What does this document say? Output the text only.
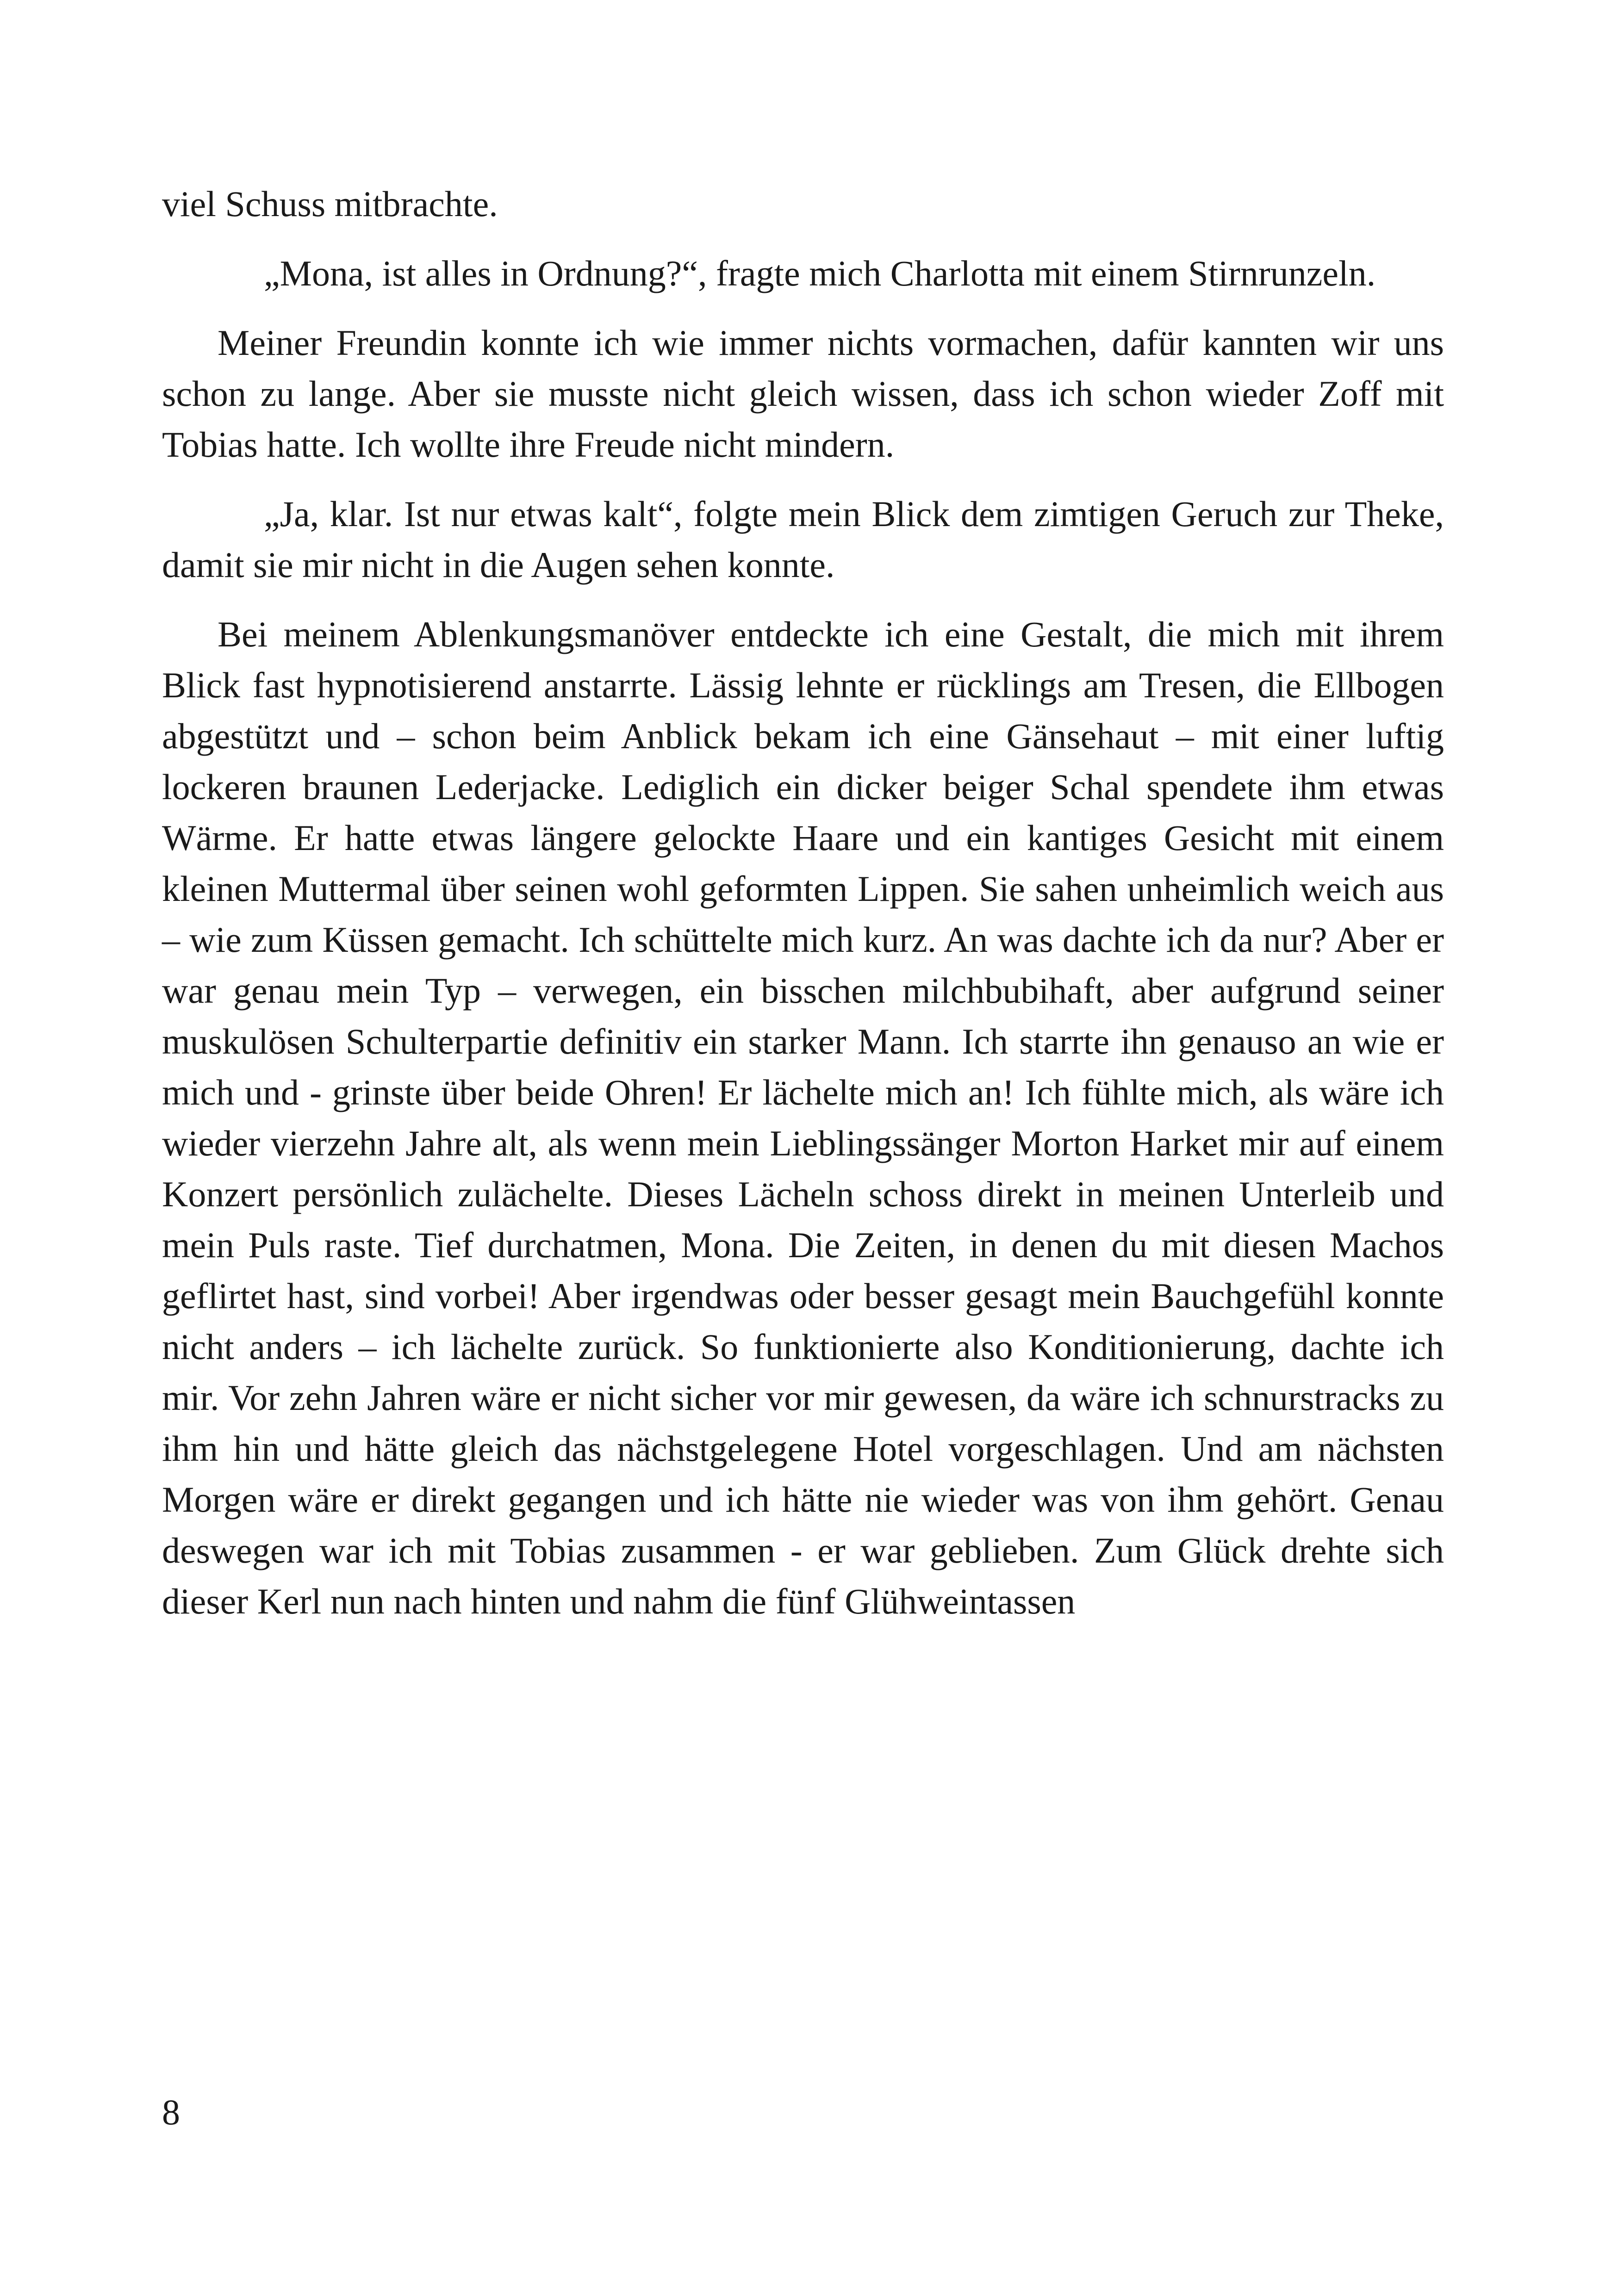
viel Schuss mitbrachte.

„Mona, ist alles in Ordnung?“, fragte mich Charlotta mit einem Stirnrunzeln.

Meiner Freundin konnte ich wie immer nichts vormachen, dafür kannten wir uns schon zu lange. Aber sie musste nicht gleich wissen, dass ich schon wieder Zoff mit Tobias hatte. Ich wollte ihre Freude nicht mindern.

„Ja, klar. Ist nur etwas kalt“, folgte mein Blick dem zimtigen Geruch zur Theke, damit sie mir nicht in die Augen sehen konnte.

Bei meinem Ablenkungsmanöver entdeckte ich eine Gestalt, die mich mit ihrem Blick fast hypnotisierend anstarrte. Lässig lehnte er rücklings am Tresen, die Ellbogen abgestützt und – schon beim Anblick bekam ich eine Gänsehaut – mit einer luftig lockeren braunen Lederjacke. Lediglich ein dicker beiger Schal spendete ihm etwas Wärme. Er hatte etwas längere gelockte Haare und ein kantiges Gesicht mit einem kleinen Muttermal über seinen wohl geformten Lippen. Sie sahen unheimlich weich aus – wie zum Küssen gemacht. Ich schüttelte mich kurz. An was dachte ich da nur? Aber er war genau mein Typ – verwegen, ein bisschen milchbubihaft, aber aufgrund seiner muskulösen Schulterpartie definitiv ein starker Mann. Ich starrte ihn genauso an wie er mich und - grinste über beide Ohren! Er lächelte mich an! Ich fühlte mich, als wäre ich wieder vierzehn Jahre alt, als wenn mein Lieblingssänger Morton Harket mir auf einem Konzert persönlich zulächelte. Dieses Lächeln schoss direkt in meinen Unterleib und mein Puls raste. Tief durchatmen, Mona. Die Zeiten, in denen du mit diesen Machos geflirtet hast, sind vorbei! Aber irgendwas oder besser gesagt mein Bauchgefühl konnte nicht anders – ich lächelte zurück. So funktionierte also Konditionierung, dachte ich mir. Vor zehn Jahren wäre er nicht sicher vor mir gewesen, da wäre ich schnurstracks zu ihm hin und hätte gleich das nächstgelegene Hotel vorgeschlagen. Und am nächsten Morgen wäre er direkt gegangen und ich hätte nie wieder was von ihm gehört. Genau deswegen war ich mit Tobias zusammen - er war geblieben. Zum Glück drehte sich dieser Kerl nun nach hinten und nahm die fünf Glühweintassen

8
